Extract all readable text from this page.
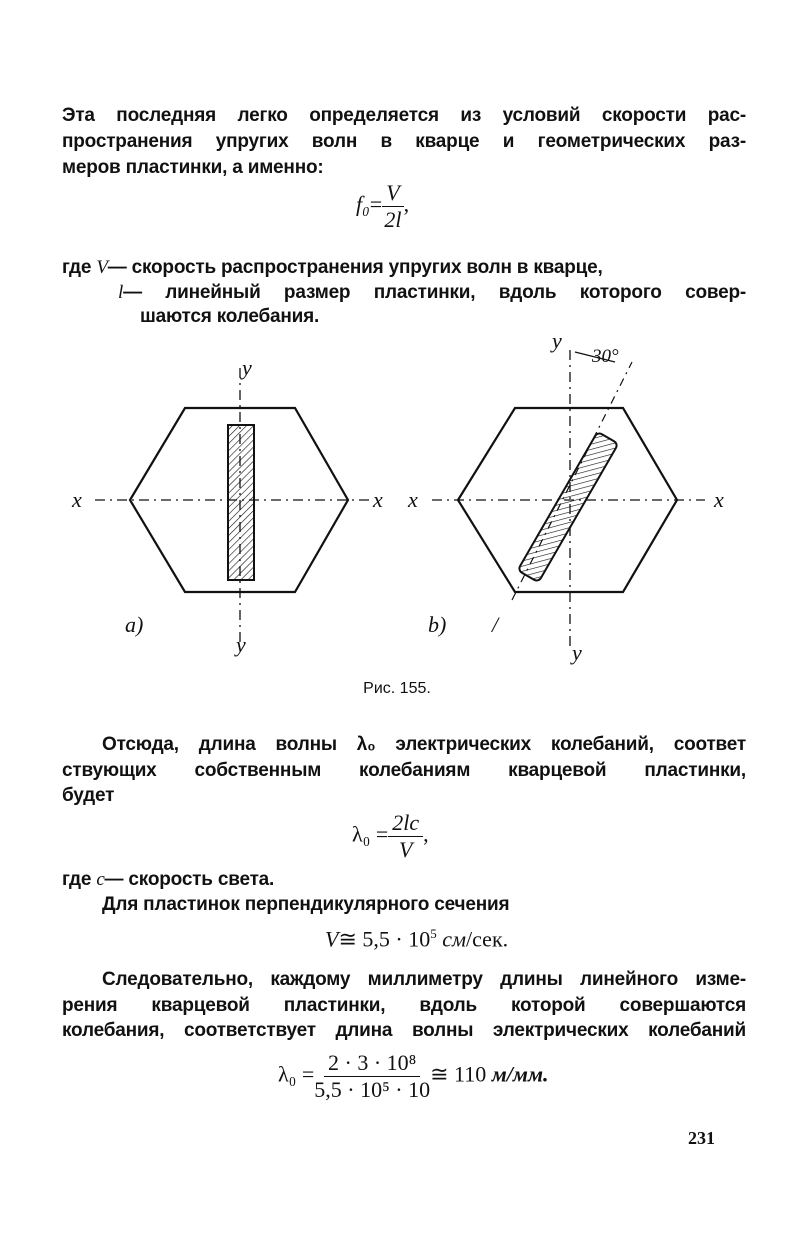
Эта последняя легко определяется из условий скорости рас-
пространения упругих волн в кварце и геометрических раз-
меров пластинки, а именно:
$f_0= \frac{V}{2l}$ ,
где V— скорость распространения упругих волн в кварце,
l— линейный размер пластинки, вдоль которого совер-
шаются колебания.
y
y
x	x
a)
y
30°
y
x	x
b) /
Рис. 155.
Отсюда, длина волны λ₀ электрических колебаний, соответ
ствующих собственным колебаниям кварцевой пластинки,
будет
$\lambda_0 = \frac{2lc}{V}$ ,
где c— скорость света.
Для пластинок перпендикулярного сечения
V≅ $5,5 \cdot 10^5$ см/сек.
Следовательно, каждому миллиметру длины линейного изме-
рения кварцевой пластинки, вдоль которой совершаются
колебания, соответствует длина волны электрических колебаний
$\lambda_0 = \frac{\text{2 · 3 · 10⁸}}{\text{5,5 · 10⁵ · 10}}$ ≅ 110 м/мм.
231
